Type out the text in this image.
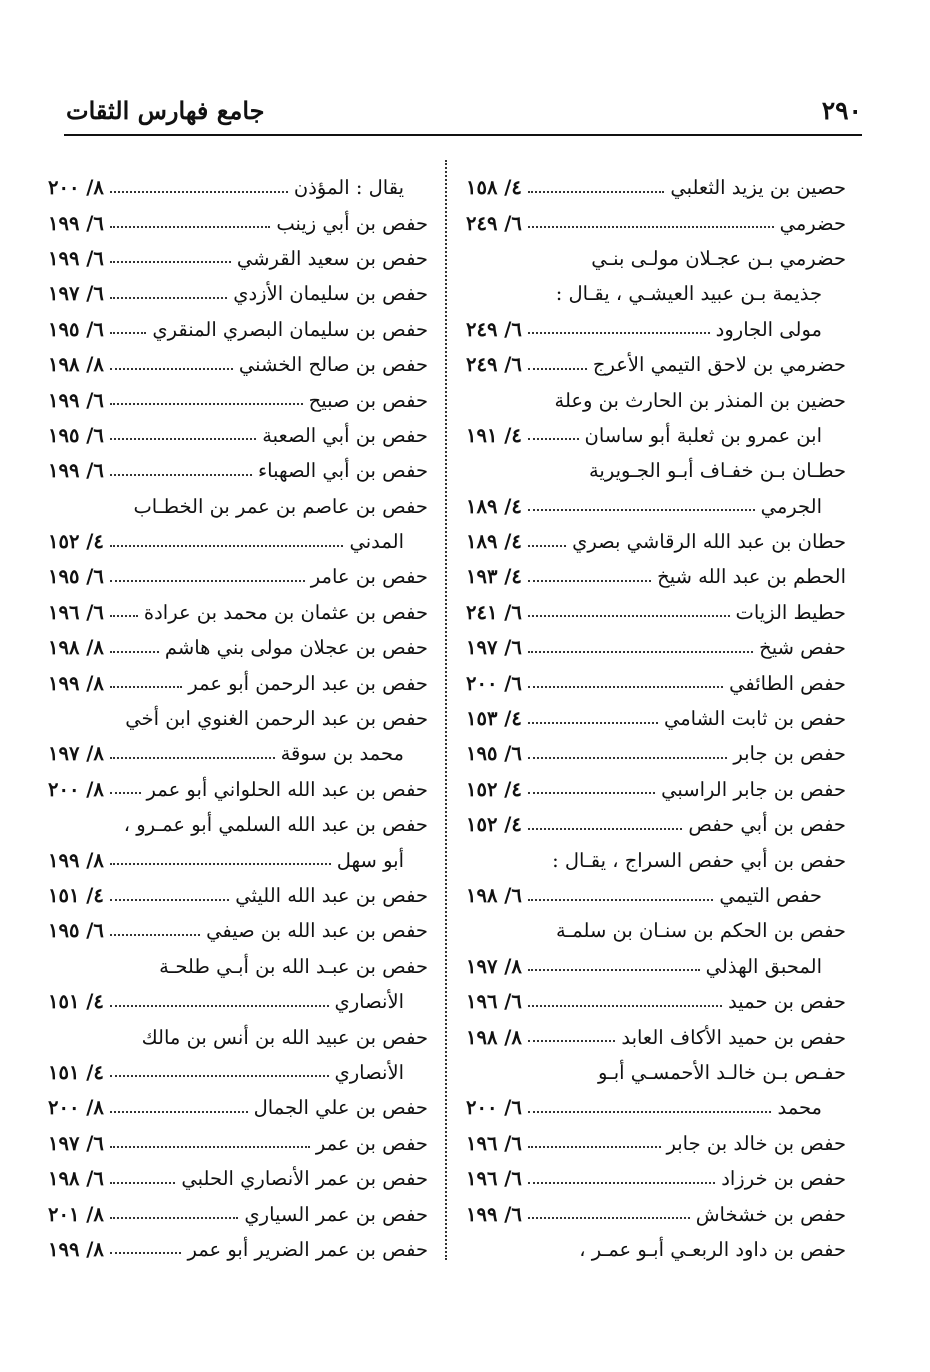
٢٩٠
جامع فهارس الثقات
حصين بن يزيد الثعلبي
٤/ ١٥٨
حضرمي
٦/ ٢٤٩
حضرمي بـن عجـلان مولـى بنـي
جذيمة بـن عبيد العيشـي ، يقـال :
مولى الجارود
٦/ ٢٤٩
حضرمي بن لاحق التيمي الأعرج
٦/ ٢٤٩
حضين بن المنذر بن الحارث بن وعلة
ابن عمرو بن ثعلبة أبو ساسان
٤/ ١٩١
حطـان بـن خفـاف أبـو الجـويرية
الجرمي
٤/ ١٨٩
حطان بن عبد الله الرقاشي بصري
٤/ ١٨٩
الحطم بن عبد الله شيخ
٤/ ١٩٣
حطيط الزيات
٦/ ٢٤١
حفص شيخ
٦/ ١٩٧
حفص الطائفي
٦/ ٢٠٠
حفص بن ثابت الشامي
٤/ ١٥٣
حفص بن جابر
٦/ ١٩٥
حفص بن جابر الراسبي
٤/ ١٥٢
حفص بن أبي حفص
٤/ ١٥٢
حفص بن أبي حفص السراج ، يقـال :
حفص التيمي
٦/ ١٩٨
حفص بن الحكم بن سنـان بن سلمـة
المحبق الهذلي
٨/ ١٩٧
حفص بن حميد
٦/ ١٩٦
حفص بن حميد الأكاف العابد
٨/ ١٩٨
حفـص بـن خالـد الأحمسـي أبـو
محمد
٦/ ٢٠٠
حفص بن خالد بن جابر
٦/ ١٩٦
حفص بن خرزاد
٦/ ١٩٦
حفص بن خشخاش
٦/ ١٩٩
حفص بن داود الربعـي أبـو عمـر ،
يقال : المؤذن
٨/ ٢٠٠
حفص بن أبي زينب
٦/ ١٩٩
حفص بن سعيد القرشي
٦/ ١٩٩
حفص بن سليمان الأزدي
٦/ ١٩٧
حفص بن سليمان البصري المنقري
٦/ ١٩٥
حفص بن صالح الخشني
٨/ ١٩٨
حفص بن صبيح
٦/ ١٩٩
حفص بن أبي الصعبة
٦/ ١٩٥
حفص بن أبي الصهباء
٦/ ١٩٩
حفص بن عاصم بن عمر بن الخطـاب
المدني
٤/ ١٥٢
حفص بن عامر
٦/ ١٩٥
حفص بن عثمان بن محمد بن عرادة
٦/ ١٩٦
حفص بن عجلان مولى بني هاشم
٨/ ١٩٨
حفص بن عبد الرحمن أبو عمر
٨/ ١٩٩
حفص بن عبد الرحمن الغنوي ابن أخي
محمد بن سوقة
٨/ ١٩٧
حفص بن عبد الله الحلواني أبو عمر
٨/ ٢٠٠
حفص بن عبد الله السلمي أبو عمـرو ،
أبو سهل
٨/ ١٩٩
حفص بن عبد الله الليثي
٤/ ١٥١
حفص بن عبد الله بن صيفي
٦/ ١٩٥
حفص بن عبـد الله بن أبـي طلحـة
الأنصاري
٤/ ١٥١
حفص بن عبيد الله بن أنس بن مالك
الأنصاري
٤/ ١٥١
حفص بن علي الجمال
٨/ ٢٠٠
حفص بن عمر
٦/ ١٩٧
حفص بن عمر الأنصاري الحلبي
٦/ ١٩٨
حفص بن عمر السياري
٨/ ٢٠١
حفص بن عمر الضرير أبو عمر
٨/ ١٩٩
